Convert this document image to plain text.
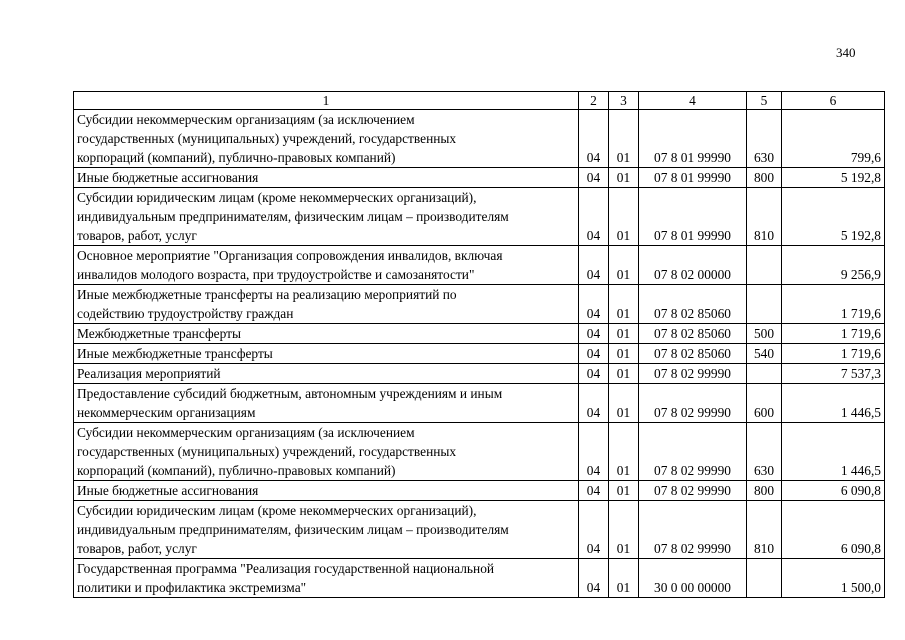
340
1	2	3	4	5	6

Субсидии некоммерческим организациям (за исключением
государственных (муниципальных) учреждений, государственных
корпораций (компаний), публично-правовых компаний)	04	01	07 8 01 99990	630	799,6

Иные бюджетные ассигнования	04	01	07 8 01 99990	800	5 192,8

Субсидии юридическим лицам (кроме некоммерческих организаций),
индивидуальным предпринимателям, физическим лицам – производителям
товаров, работ, услуг	04	01	07 8 01 99990	810	5 192,8

Основное мероприятие "Организация сопровождения инвалидов, включая
инвалидов молодого возраста, при трудоустройстве и самозанятости"	04	01	07 8 02 00000		9 256,9

Иные межбюджетные трансферты на реализацию мероприятий по
содействию трудоустройству граждан	04	01	07 8 02 85060		1 719,6

Межбюджетные трансферты	04	01	07 8 02 85060	500	1 719,6

Иные межбюджетные трансферты	04	01	07 8 02 85060	540	1 719,6

Реализация мероприятий	04	01	07 8 02 99990		7 537,3

Предоставление субсидий бюджетным, автономным учреждениям и иным
некоммерческим организациям	04	01	07 8 02 99990	600	1 446,5

Субсидии некоммерческим организациям (за исключением
государственных (муниципальных) учреждений, государственных
корпораций (компаний), публично-правовых компаний)	04	01	07 8 02 99990	630	1 446,5

Иные бюджетные ассигнования	04	01	07 8 02 99990	800	6 090,8

Субсидии юридическим лицам (кроме некоммерческих организаций),
индивидуальным предпринимателям, физическим лицам – производителям
товаров, работ, услуг	04	01	07 8 02 99990	810	6 090,8

Государственная программа "Реализация государственной национальной
политики и профилактика экстремизма"	04	01	30 0 00 00000		1 500,0
